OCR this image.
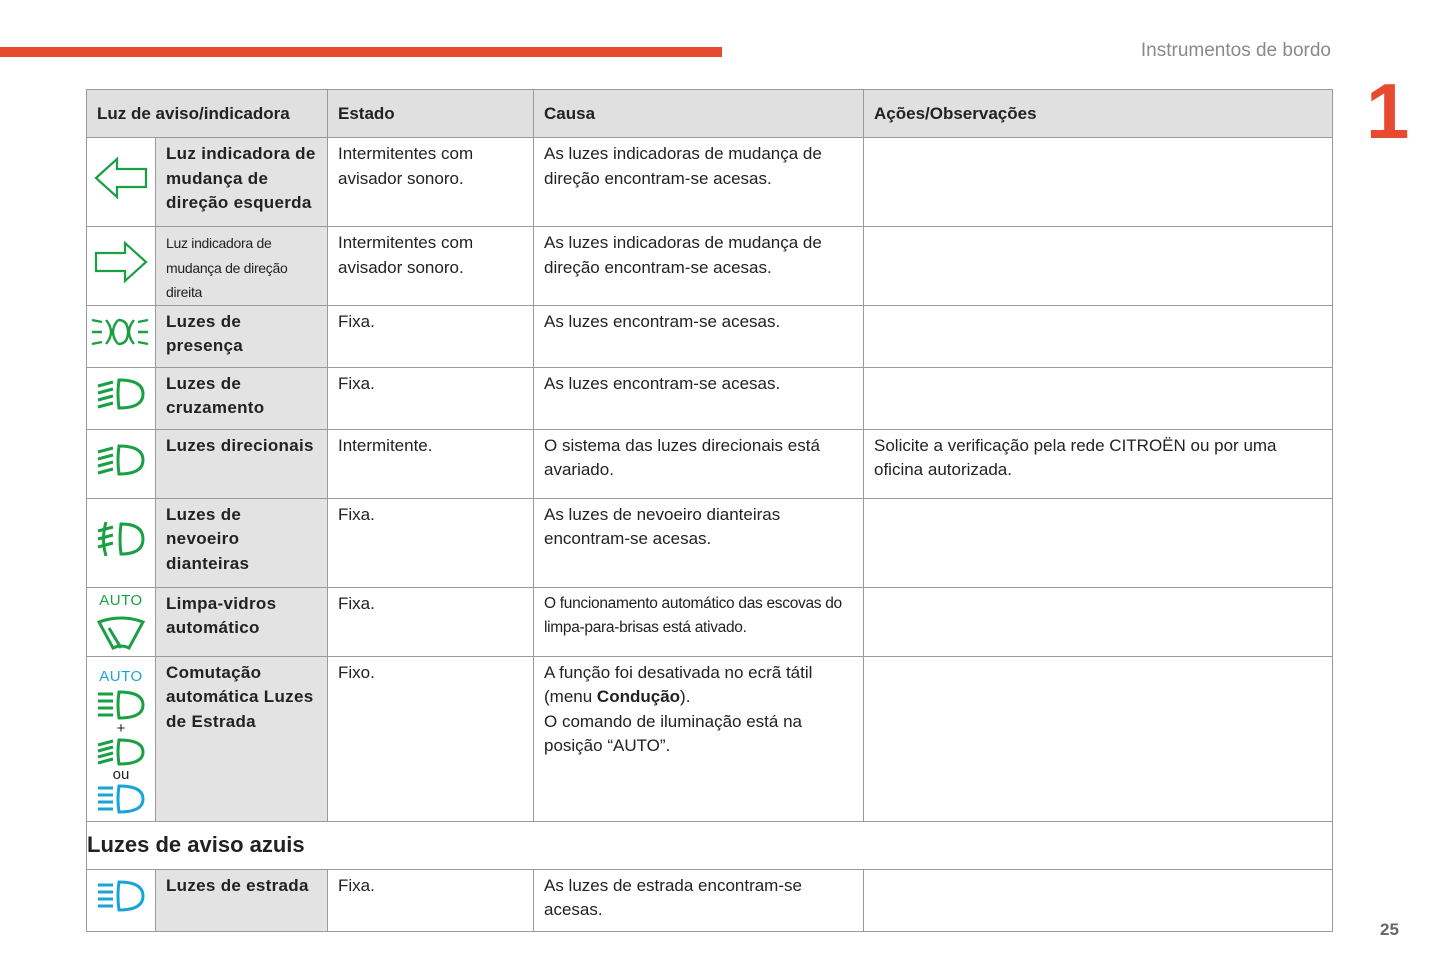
Instrumentos de bordo
1
25
Luz de aviso/indicadora		Estado	Causa	Ações/Observações
	Luz indicadora de mudança de direção esquerda	Intermitentes com avisador sonoro.	As luzes indicadoras de mudança de direção encontram-se acesas.	
	Luz indicadora de mudança de direção direita	Intermitentes com avisador sonoro.	As luzes indicadoras de mudança de direção encontram-se acesas.	
	Luzes de presença	Fixa.	As luzes encontram-se acesas.	
	Luzes de cruzamento	Fixa.	As luzes encontram-se acesas.	
	Luzes direcionais	Intermitente.	O sistema das luzes direcionais está avariado.	Solicite a verificação pela rede CITROËN ou por uma oficina autorizada.
	Luzes de nevoeiro dianteiras	Fixa.	As luzes de nevoeiro dianteiras encontram-se acesas.	

AUTO	Limpa-vidros automático	Fixa.	O funcionamento automático das escovas do limpa-para-brisas está ativado.	

AUTO
+
ou	Comutação automática Luzes de Estrada	Fixo.	A função foi desativada no ecrã tátil (menu Condução).
O comando de iluminação está na posição “AUTO”.	
Luzes de aviso azuis				
	Luzes de estrada	Fixa.	As luzes de estrada encontram-se acesas.	
